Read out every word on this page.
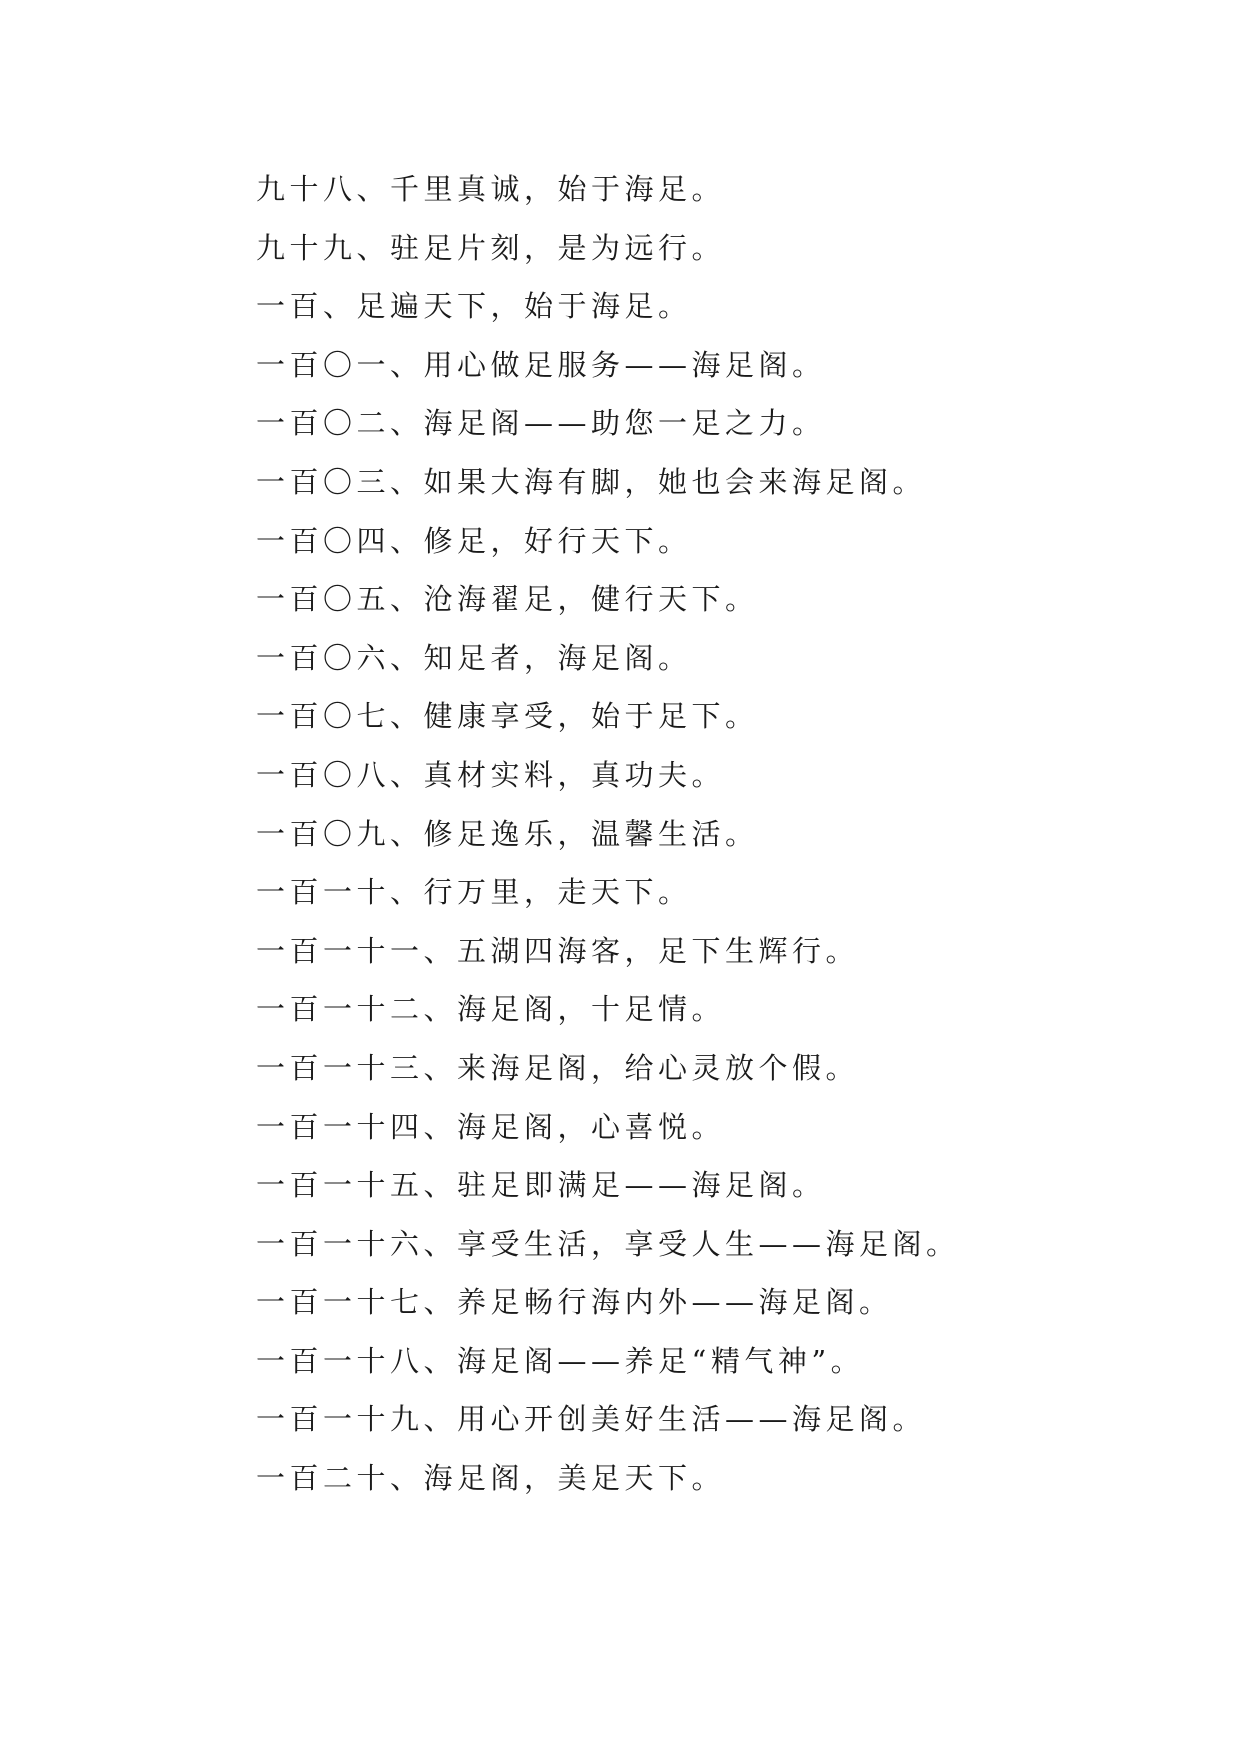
九十八、千里真诚，始于海足。
九十九、驻足片刻，是为远行。
一百、足遍天下，始于海足。
一百〇一、用心做足服务——海足阁。
一百〇二、海足阁——助您一足之力。
一百〇三、如果大海有脚，她也会来海足阁。
一百〇四、修足，好行天下。
一百〇五、沧海翟足，健行天下。
一百〇六、知足者，海足阁。
一百〇七、健康享受，始于足下。
一百〇八、真材实料，真功夫。
一百〇九、修足逸乐，温馨生活。
一百一十、行万里，走天下。
一百一十一、五湖四海客，足下生辉行。
一百一十二、海足阁，十足情。
一百一十三、来海足阁，给心灵放个假。
一百一十四、海足阁，心喜悦。
一百一十五、驻足即满足——海足阁。
一百一十六、享受生活，享受人生——海足阁。
一百一十七、养足畅行海内外——海足阁。
一百一十八、海足阁——养足“精气神”。
一百一十九、用心开创美好生活——海足阁。
一百二十、海足阁，美足天下。
